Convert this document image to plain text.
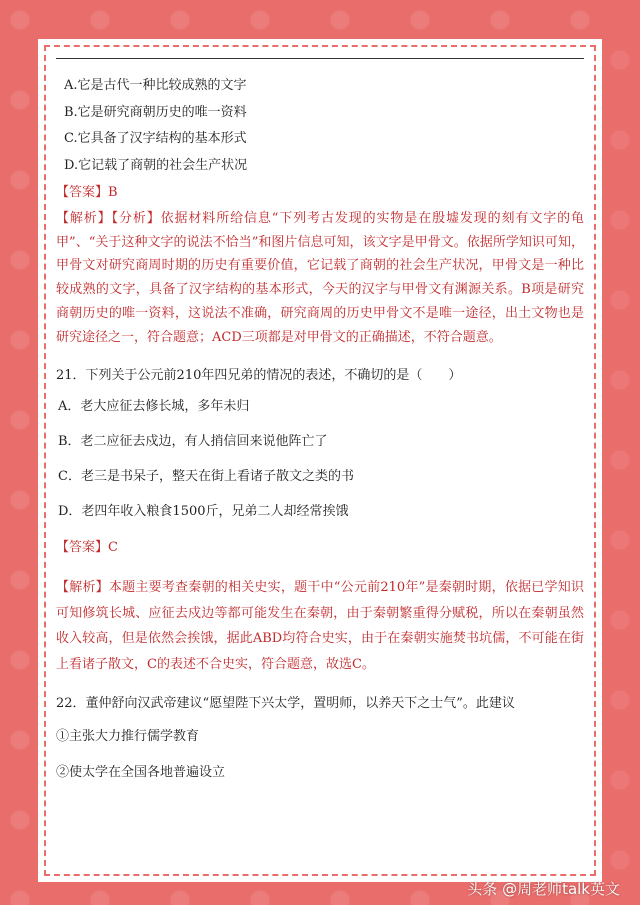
A.它是古代一种比较成熟的文字
B.它是研究商朝历史的唯一资料
C.它具备了汉字结构的基本形式
D.它记载了商朝的社会生产状况
【答案】B
【解析】【分析】依据材料所给信息“下列考古发现的实物是在殷墟发现的刻有文字的龟甲”、“关于这种文字的说法不恰当”和图片信息可知，该文字是甲骨文。依据所学知识可知，甲骨文对研究商周时期的历史有重要价值，它记载了商朝的社会生产状况，甲骨文是一种比较成熟的文字，具备了汉字结构的基本形式，今天的汉字与甲骨文有渊源关系。B项是研究商朝历史的唯一资料，这说法不准确，研究商周的历史甲骨文不是唯一途径，出土文物也是研究途径之一，符合题意；ACD三项都是对甲骨文的正确描述，不符合题意。
21．下列关于公元前210年四兄弟的情况的表述，不确切的是（　　）
A．老大应征去修长城，多年未归
B．老二应征去戍边，有人捎信回来说他阵亡了
C．老三是书呆子，整天在街上看诸子散文之类的书
D．老四年收入粮食1500斤，兄弟二人却经常挨饿
【答案】C
【解析】本题主要考查秦朝的相关史实，题干中“公元前210年”是秦朝时期，依据已学知识可知修筑长城、应征去戍边等都可能发生在秦朝，由于秦朝繁重得分赋税，所以在秦朝虽然收入较高，但是依然会挨饿，据此ABD均符合史实，由于在秦朝实施焚书坑儒，不可能在街上看诸子散文，C的表述不合史实，符合题意，故选C。
22．董仲舒向汉武帝建议“愿望陛下兴太学，置明师，以养天下之士气”。此建议
①主张大力推行儒学教育
②使太学在全国各地普遍设立
头条 @周老师talk英文
